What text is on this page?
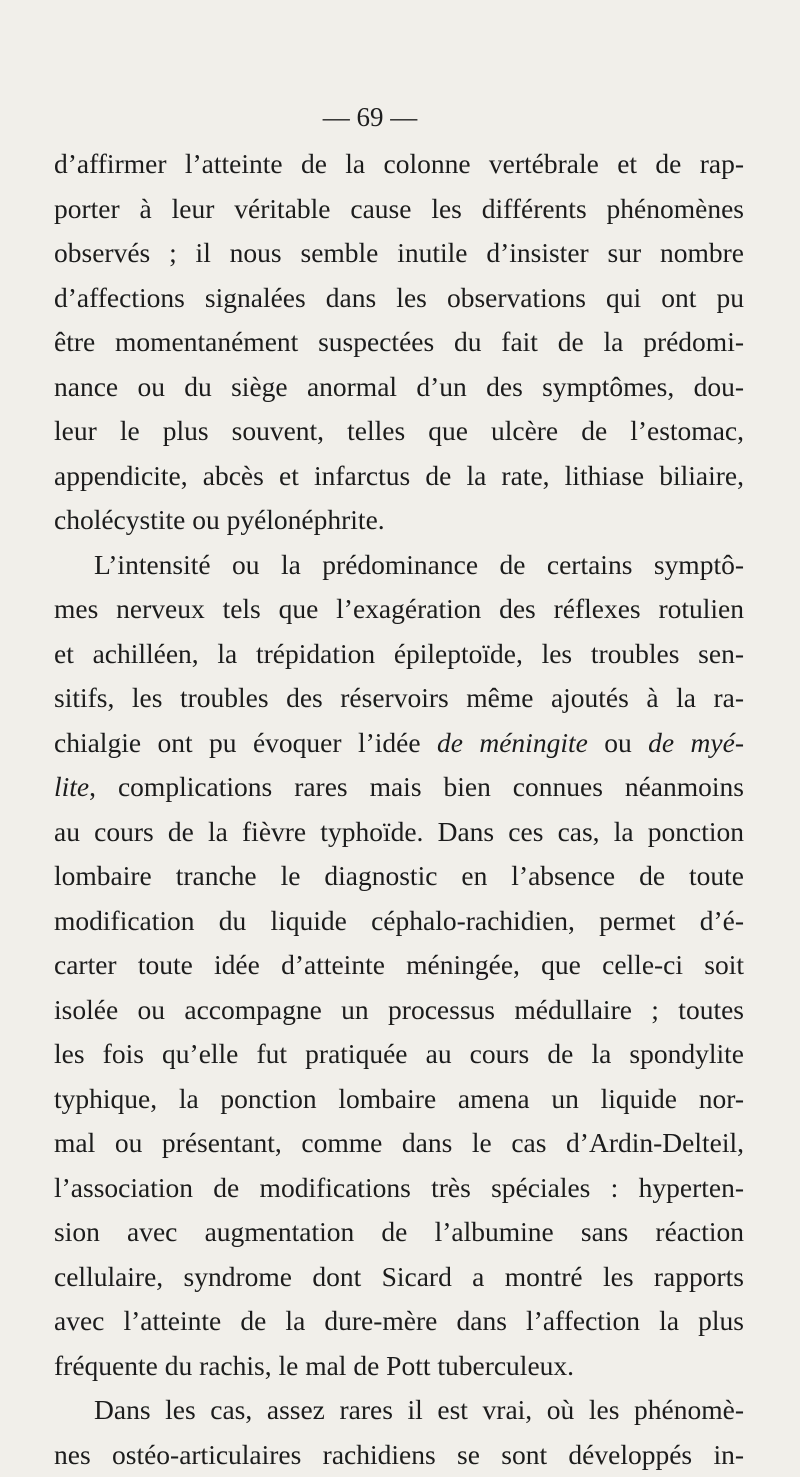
— 69 —
d’affirmer l’atteinte de la colonne vertébrale et de rap-
porter à leur véritable cause les différents phénomènes
observés ; il nous semble inutile d’insister sur nombre
d’affections signalées dans les observations qui ont pu
être momentanément suspectées du fait de la prédomi-
nance ou du siège anormal d’un des symptômes, dou-
leur le plus souvent, telles que ulcère de l’estomac,
appendicite, abcès et infarctus de la rate, lithiase biliaire,
cholécystite ou pyélonéphrite.
L’intensité ou la prédominance de certains symptô-
mes nerveux tels que l’exagération des réflexes rotulien
et achilléen, la trépidation épileptoïde, les troubles sen-
sitifs, les troubles des réservoirs même ajoutés à la ra-
chialgie ont pu évoquer l’idée de méningite ou de myé-
lite, complications rares mais bien connues néanmoins
au cours de la fièvre typhoïde. Dans ces cas, la ponction
lombaire tranche le diagnostic en l’absence de toute
modification du liquide céphalo-rachidien, permet d’é-
carter toute idée d’atteinte méningée, que celle-ci soit
isolée ou accompagne un processus médullaire ; toutes
les fois qu’elle fut pratiquée au cours de la spondylite
typhique, la ponction lombaire amena un liquide nor-
mal ou présentant, comme dans le cas d’Ardin-Delteil,
l’association de modifications très spéciales : hyperten-
sion avec augmentation de l’albumine sans réaction
cellulaire, syndrome dont Sicard a montré les rapports
avec l’atteinte de la dure-mère dans l’affection la plus
fréquente du rachis, le mal de Pott tuberculeux.
Dans les cas, assez rares il est vrai, où les phénomè-
nes ostéo-articulaires rachidiens se sont développés in-
